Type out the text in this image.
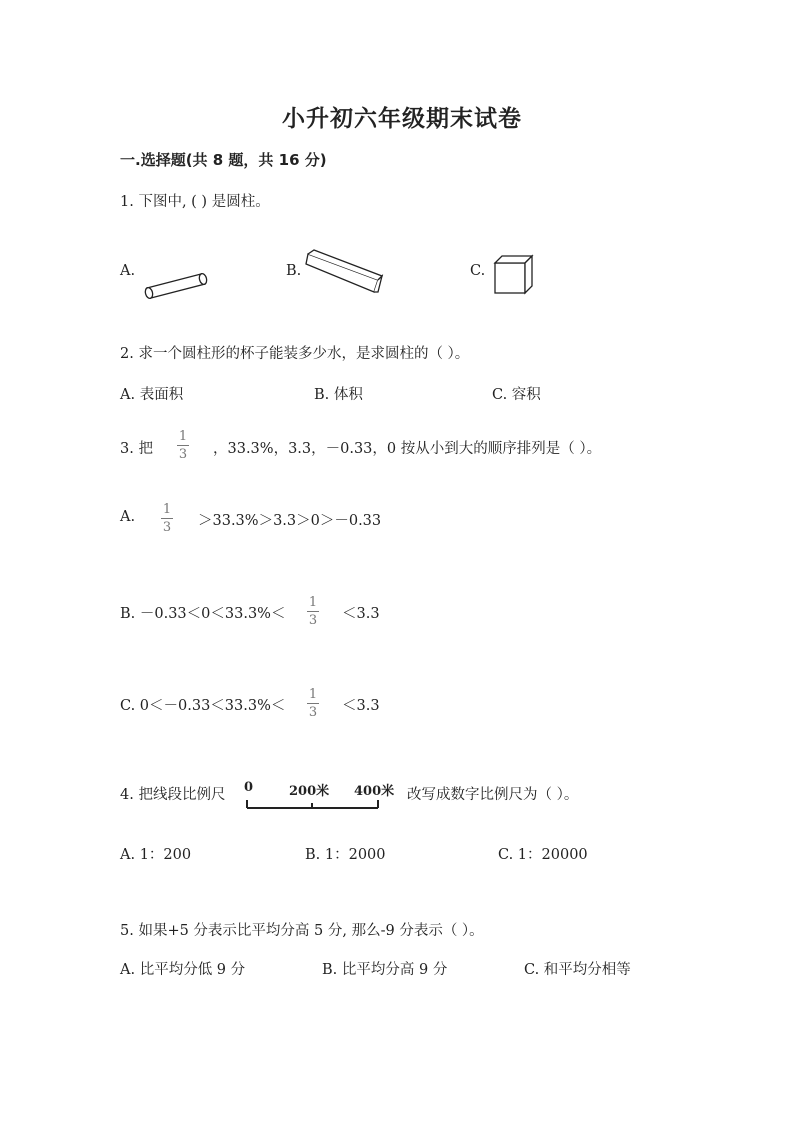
小升初六年级期末试卷
一.选择题(共 8 题，共 16 分)
1. 下图中, ( ) 是圆柱。
A.	B.	C.
2. 求一个圆柱形的杯子能装多少水，是求圆柱的（ ）。
A. 表面积	B. 体积	C. 容积
3. 把
1
3 ，33.3%，3.3，－0.33，0 按从小到大的顺序排列是（ ）。
A. 1
3 ＞33.3%＞3.3＞0＞－0.33
B. －0.33＜0＜33.3%＜
1
3 ＜3.3
C. 0＜－0.33＜33.3%＜
1
3 ＜3.3
4. 把线段比例尺 0	200米 400米 改写成数字比例尺为（ ）。
A. 1：200	B. 1：2000	C. 1：20000
5. 如果+5 分表示比平均分高 5 分, 那么-9 分表示（ ）。
A. 比平均分低 9 分	B. 比平均分高 9 分	C. 和平均分相等
